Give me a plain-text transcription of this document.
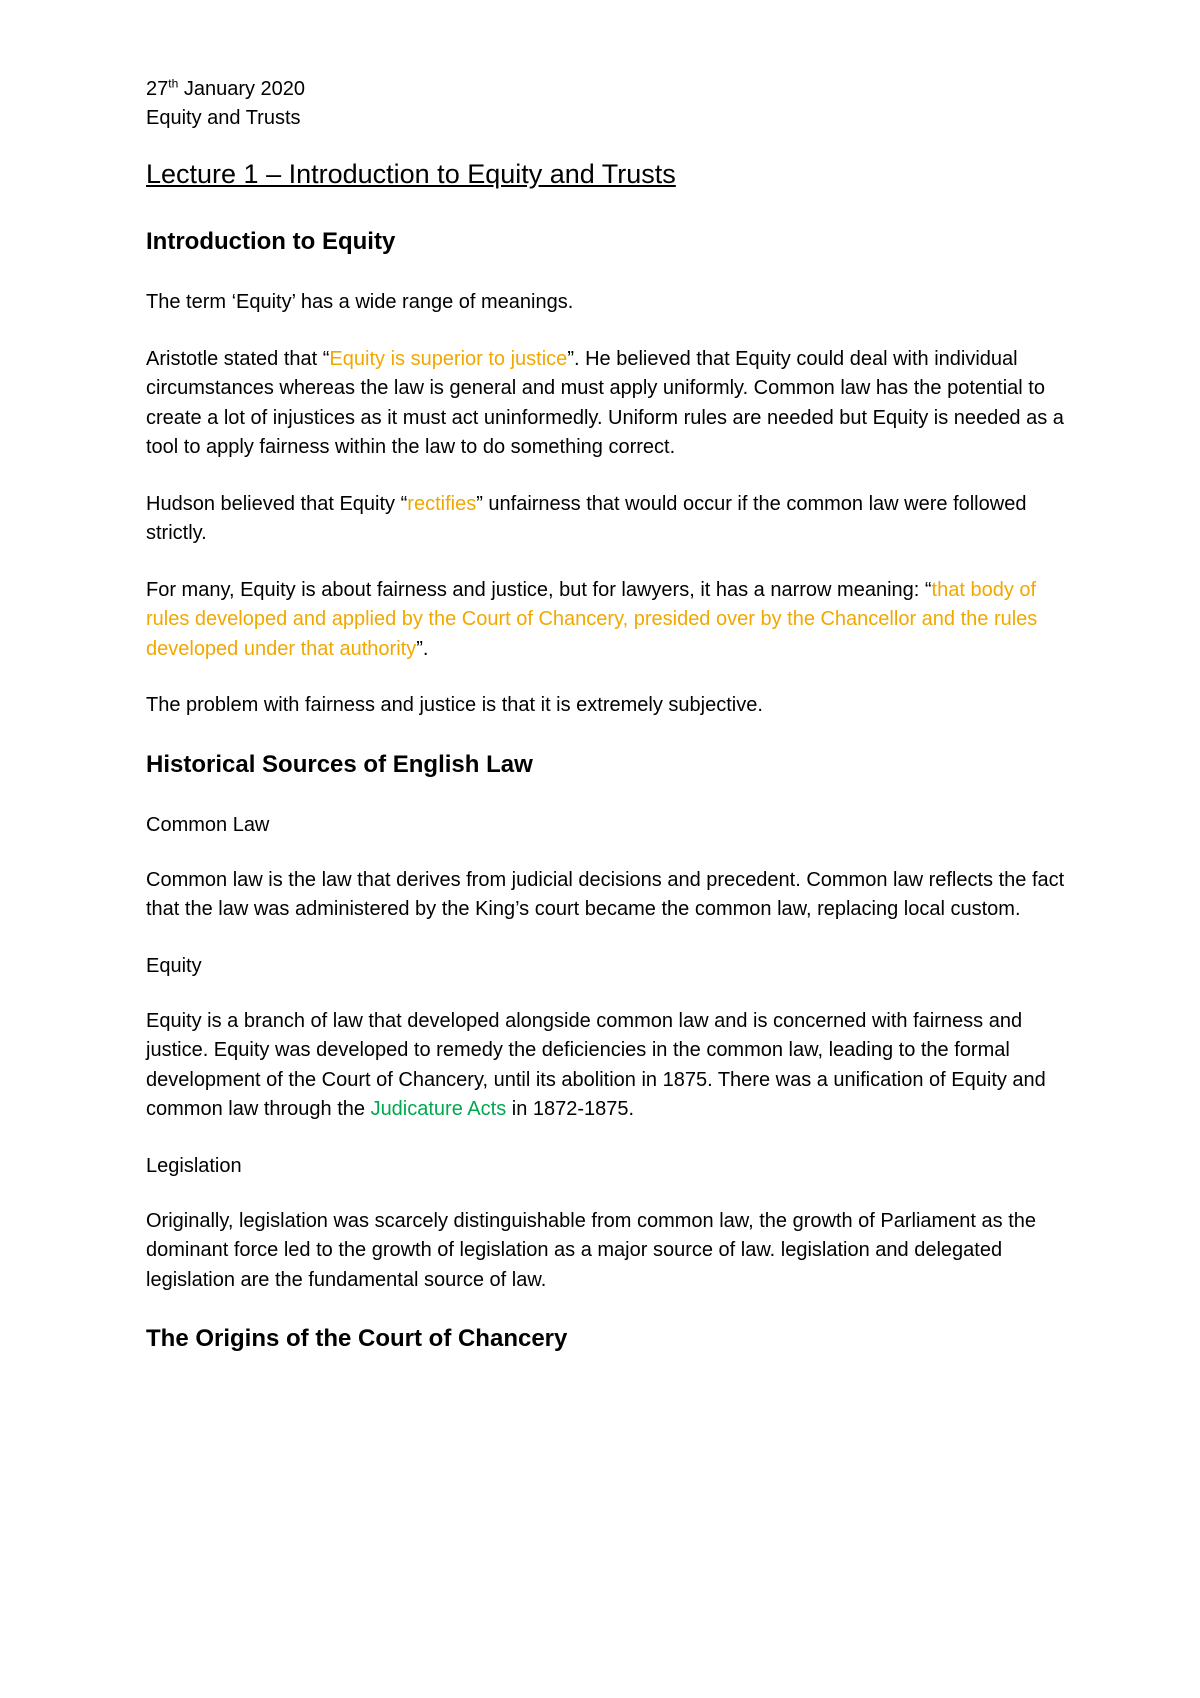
27th January 2020

Equity and Trusts

Lecture 1 – Introduction to Equity and Trusts
Introduction to Equity

The term ‘Equity’ has a wide range of meanings.

Aristotle stated that “Equity is superior to justice”. He believed that Equity could deal with individual circumstances whereas the law is general and must apply uniformly. Common law has the potential to create a lot of injustices as it must act uninformedly. Uniform rules are needed but Equity is needed as a tool to apply fairness within the law to do something correct.

Hudson believed that Equity “rectifies” unfairness that would occur if the common law were followed strictly.

For many, Equity is about fairness and justice, but for lawyers, it has a narrow meaning: “that body of rules developed and applied by the Court of Chancery, presided over by the Chancellor and the rules developed under that authority”.

The problem with fairness and justice is that it is extremely subjective.

Historical Sources of English Law

Common Law

Common law is the law that derives from judicial decisions and precedent. Common law reflects the fact that the law was administered by the King’s court became the common law, replacing local custom.

Equity

Equity is a branch of law that developed alongside common law and is concerned with fairness and justice. Equity was developed to remedy the deficiencies in the common law, leading to the formal development of the Court of Chancery, until its abolition in 1875. There was a unification of Equity and common law through the Judicature Acts in 1872-1875.

Legislation

Originally, legislation was scarcely distinguishable from common law, the growth of Parliament as the dominant force led to the growth of legislation as a major source of law. legislation and delegated legislation are the fundamental source of law.

The Origins of the Court of Chancery
